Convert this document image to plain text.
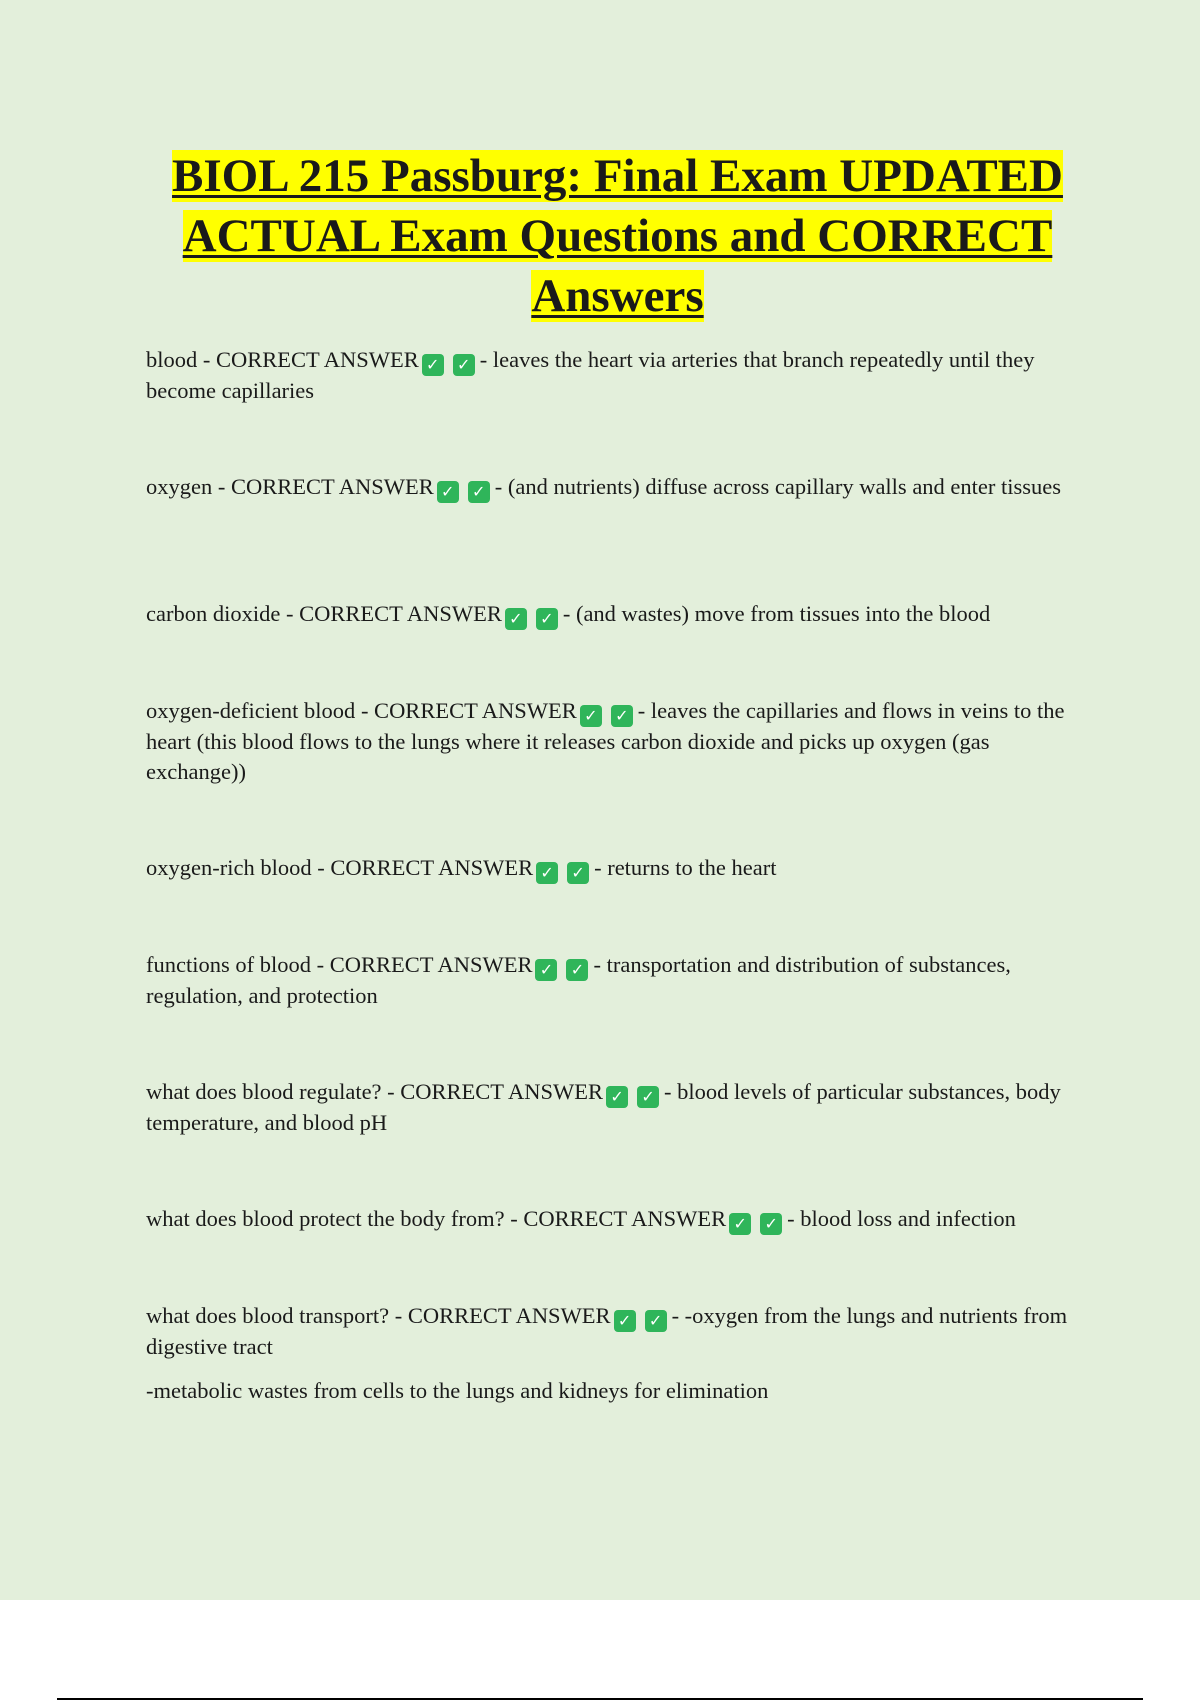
BIOL 215 Passburg: Final Exam UPDATED ACTUAL Exam Questions and CORRECT Answers

blood - CORRECT ANSWER ✓ ✓ - leaves the heart via arteries that branch repeatedly until they become capillaries

oxygen - CORRECT ANSWER ✓ ✓ - (and nutrients) diffuse across capillary walls and enter tissues

carbon dioxide - CORRECT ANSWER ✓ ✓ - (and wastes) move from tissues into the blood

oxygen-deficient blood - CORRECT ANSWER ✓ ✓ - leaves the capillaries and flows in veins to the heart (this blood flows to the lungs where it releases carbon dioxide and picks up oxygen (gas exchange))

oxygen-rich blood - CORRECT ANSWER ✓ ✓ - returns to the heart

functions of blood - CORRECT ANSWER ✓ ✓ - transportation and distribution of substances, regulation, and protection

what does blood regulate? - CORRECT ANSWER ✓ ✓ - blood levels of particular substances, body temperature, and blood pH

what does blood protect the body from? - CORRECT ANSWER ✓ ✓ - blood loss and infection

what does blood transport? - CORRECT ANSWER ✓ ✓ - -oxygen from the lungs and nutrients from digestive tract
-metabolic wastes from cells to the lungs and kidneys for elimination
